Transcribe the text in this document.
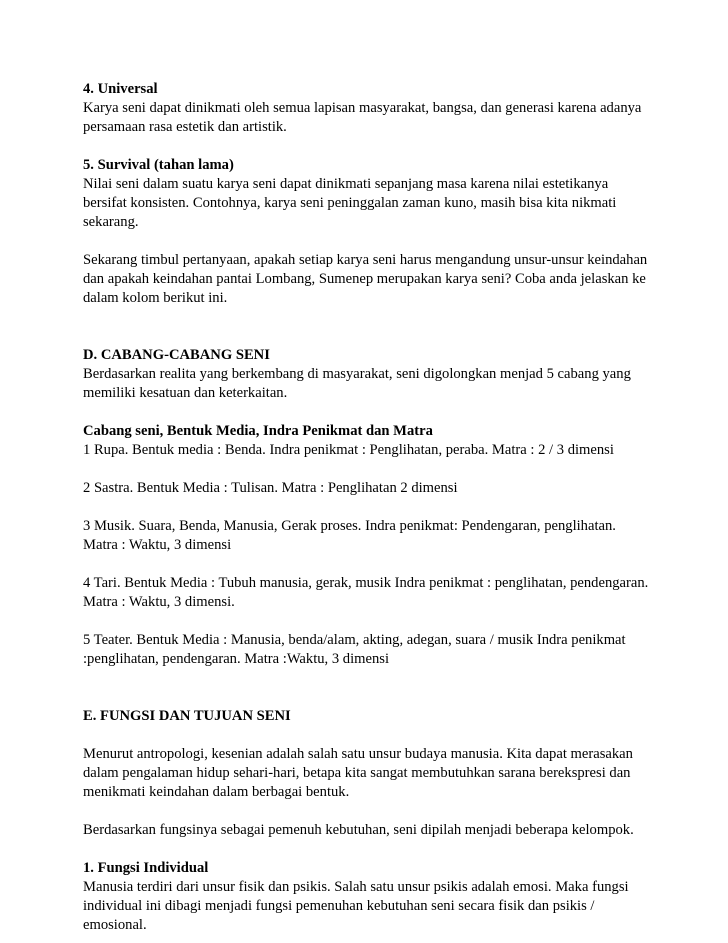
4. Universal
Karya seni dapat dinikmati oleh semua lapisan masyarakat, bangsa, dan generasi karena adanya
persamaan rasa estetik dan artistik.
5. Survival (tahan lama)
Nilai seni dalam suatu karya seni dapat dinikmati sepanjang masa karena nilai estetikanya
bersifat konsisten. Contohnya, karya seni peninggalan zaman kuno, masih bisa kita nikmati
sekarang.
Sekarang timbul pertanyaan, apakah setiap karya seni harus mengandung unsur-unsur keindahan
dan apakah keindahan pantai Lombang, Sumenep merupakan karya seni? Coba anda jelaskan ke
dalam kolom berikut ini.
D. CABANG-CABANG SENI
Berdasarkan realita yang berkembang di masyarakat, seni digolongkan menjad 5 cabang yang
memiliki kesatuan dan keterkaitan.
Cabang seni, Bentuk Media, Indra Penikmat dan Matra
1 Rupa. Bentuk media : Benda. Indra penikmat : Penglihatan, peraba. Matra : 2 / 3 dimensi
2 Sastra. Bentuk Media : Tulisan. Matra : Penglihatan 2 dimensi
3 Musik. Suara, Benda, Manusia, Gerak proses. Indra penikmat: Pendengaran, penglihatan.
Matra : Waktu, 3 dimensi
4 Tari. Bentuk Media : Tubuh manusia, gerak, musik Indra penikmat : penglihatan, pendengaran.
Matra : Waktu, 3 dimensi.
5 Teater. Bentuk Media : Manusia, benda/alam, akting, adegan, suara / musik Indra penikmat
:penglihatan, pendengaran. Matra :Waktu, 3 dimensi
E. FUNGSI DAN TUJUAN SENI
Menurut antropologi, kesenian adalah salah satu unsur budaya manusia. Kita dapat merasakan
dalam pengalaman hidup sehari-hari, betapa kita sangat membutuhkan sarana berekspresi dan
menikmati keindahan dalam berbagai bentuk.
Berdasarkan fungsinya sebagai pemenuh kebutuhan, seni dipilah menjadi beberapa kelompok.
1. Fungsi Individual
Manusia terdiri dari unsur fisik dan psikis. Salah satu unsur psikis adalah emosi. Maka fungsi
individual ini dibagi menjadi fungsi pemenuhan kebutuhan seni secara fisik dan psikis /
emosional.
